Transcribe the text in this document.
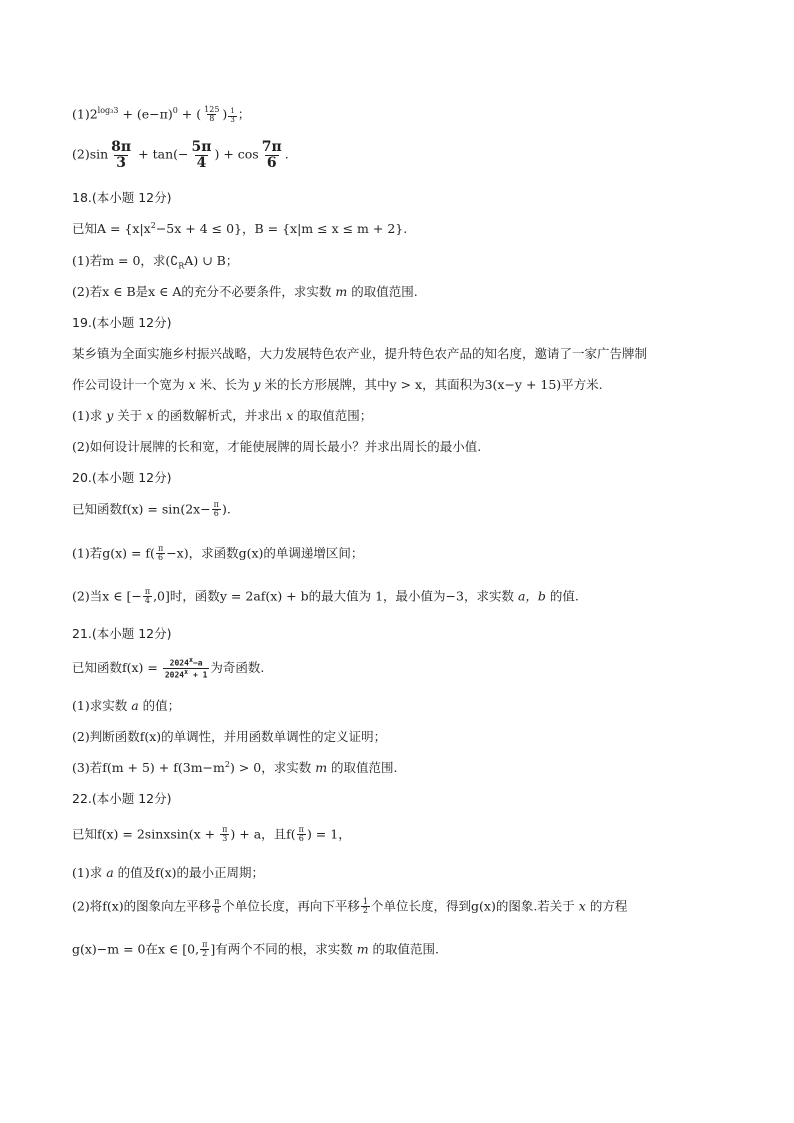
$(1)2^{log_33} + (e-\pi)^0$ + ( $\frac{125}{8}$ ) $\frac{1}{3}$ ；
$(2)\sin \frac{8\pi}{3} + \tan(- \frac{5\pi}{4}$ ) + $\cos \frac{7\pi}{6}$ .
18.(本小题 12分)
已知$A = \{x|x^2-5x + 4 \le 0\}$，B = {x|m ≤ x ≤ m + 2}.
(1)若m = 0，求$(∁_RA)$ ∪ B；
(2)若x ∈ B是x ∈ A的充分不必要条件，求实数 m 的取值范围.
19.(本小题 12分)
某乡镇为全面实施乡村振兴战略，大力发展特色农产业，提升特色农产品的知名度，邀请了一家广告牌制
作公司设计一个宽为 x 米、长为 y 米的长方形展牌，其中y > x，其面积为3(x−y + 15)平方米.
(1)求 y 关于 x 的函数解析式，并求出 x 的取值范围；
(2)如何设计展牌的长和宽，才能使展牌的周长最小？并求出周长的最小值.
20.(本小题 12分)
已知函数$f(x) = \sin(2x- \frac{\pi}{6}$ ).
(1)若$g(x) = f( \frac{\pi}{6} -x)$，求函数g(x)的单调递增区间；
(2)当x ∈ [− $\frac{\pi}{4} ,0$]时，函数y = 2af(x) + b的最大值为 1，最小值为−3，求实数 a，b 的值.
21.(本小题 12分)
已知函数$f(x) = \frac{2024^x-a}{2024^x + 1}$ 为奇函数.
(1)求实数 a 的值；
(2)判断函数f(x)的单调性，并用函数单调性的定义证明；
(3)若$f(m + 5) + f(3m-m^2) > 0$，求实数 m 的取值范围.
22.(本小题 12分)
已知f(x) = 2sinxsin(x + $\frac{\pi}{3}$ ) + a，且$f( \frac{\pi}{6}$ ) = 1，
(1)求 a 的值及f(x)的最小正周期；
(2)将f(x)的图象向左平移 $\frac{\pi}{6}$ 个单位长度，再向下平移 $\frac{1}{2}$ 个单位长度，得到g(x)的图象.若关于 x 的方程
g(x)−m = 0在x ∈ [0, $\frac{\pi}{2}$ ]有两个不同的根，求实数 m 的取值范围.
